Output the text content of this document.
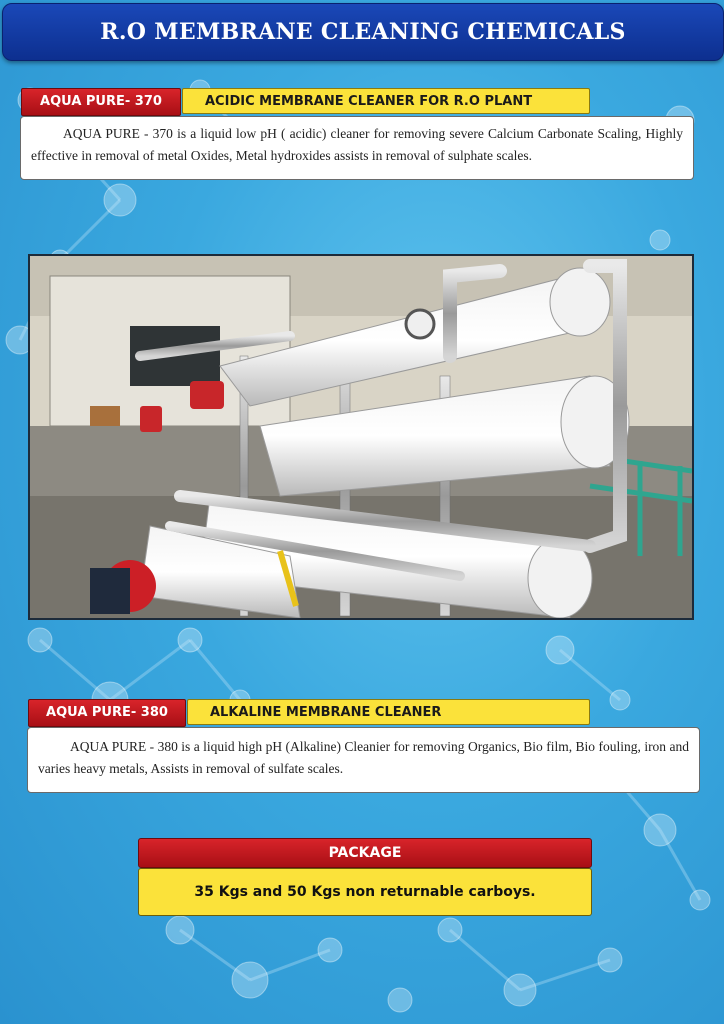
R.O MEMBRANE CLEANING CHEMICALS
AQUA PURE- 370	ACIDIC MEMBRANE CLEANER FOR R.O PLANT
AQUA PURE - 370 is a liquid low pH ( acidic) cleaner for removing severe Calcium Carbonate Scaling, Highly effective in removal of metal Oxides, Metal hydroxides assists in removal of sulphate scales.
AQUA PURE- 380	ALKALINE MEMBRANE CLEANER
AQUA PURE - 380 is a liquid high pH (Alkaline) Cleanier for removing Organics, Bio film, Bio fouling, iron and varies heavy metals, Assists in removal of sulfate scales.
PACKAGE
35 Kgs and 50 Kgs non returnable carboys.
